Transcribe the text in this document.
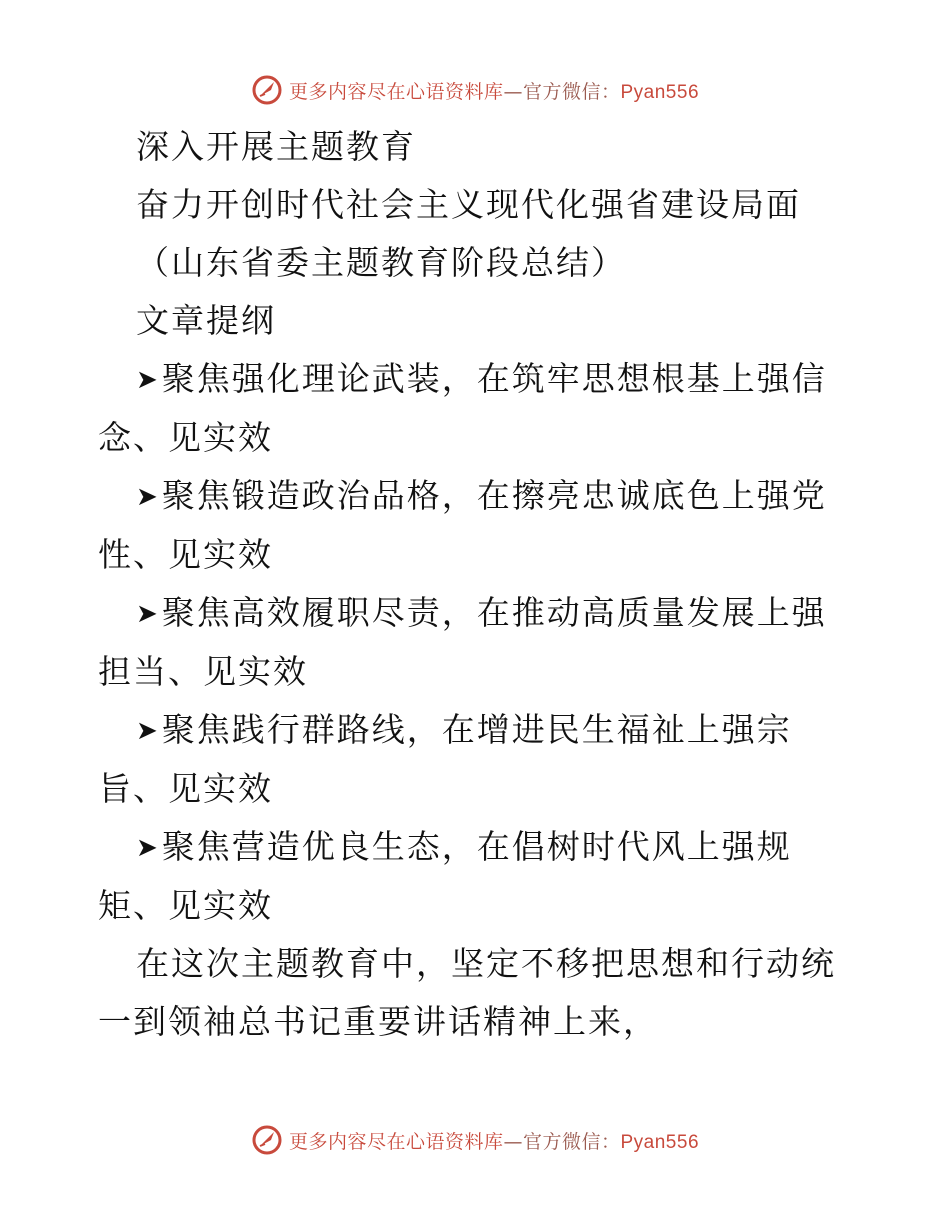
更多内容尽在心语资料库—官方微信：Pyan556

深入开展主题教育

奋力开创时代社会主义现代化强省建设局面

（山东省委主题教育阶段总结）

文章提纲

➤聚焦强化理论武装，在筑牢思想根基上强信念、见实效

➤聚焦锻造政治品格，在擦亮忠诚底色上强党性、见实效

➤聚焦高效履职尽责，在推动高质量发展上强担当、见实效

➤聚焦践行群路线，在增进民生福祉上强宗旨、见实效

➤聚焦营造优良生态，在倡树时代风上强规矩、见实效

在这次主题教育中，坚定不移把思想和行动统一到领袖总书记重要讲话精神上来，

更多内容尽在心语资料库—官方微信：Pyan556
